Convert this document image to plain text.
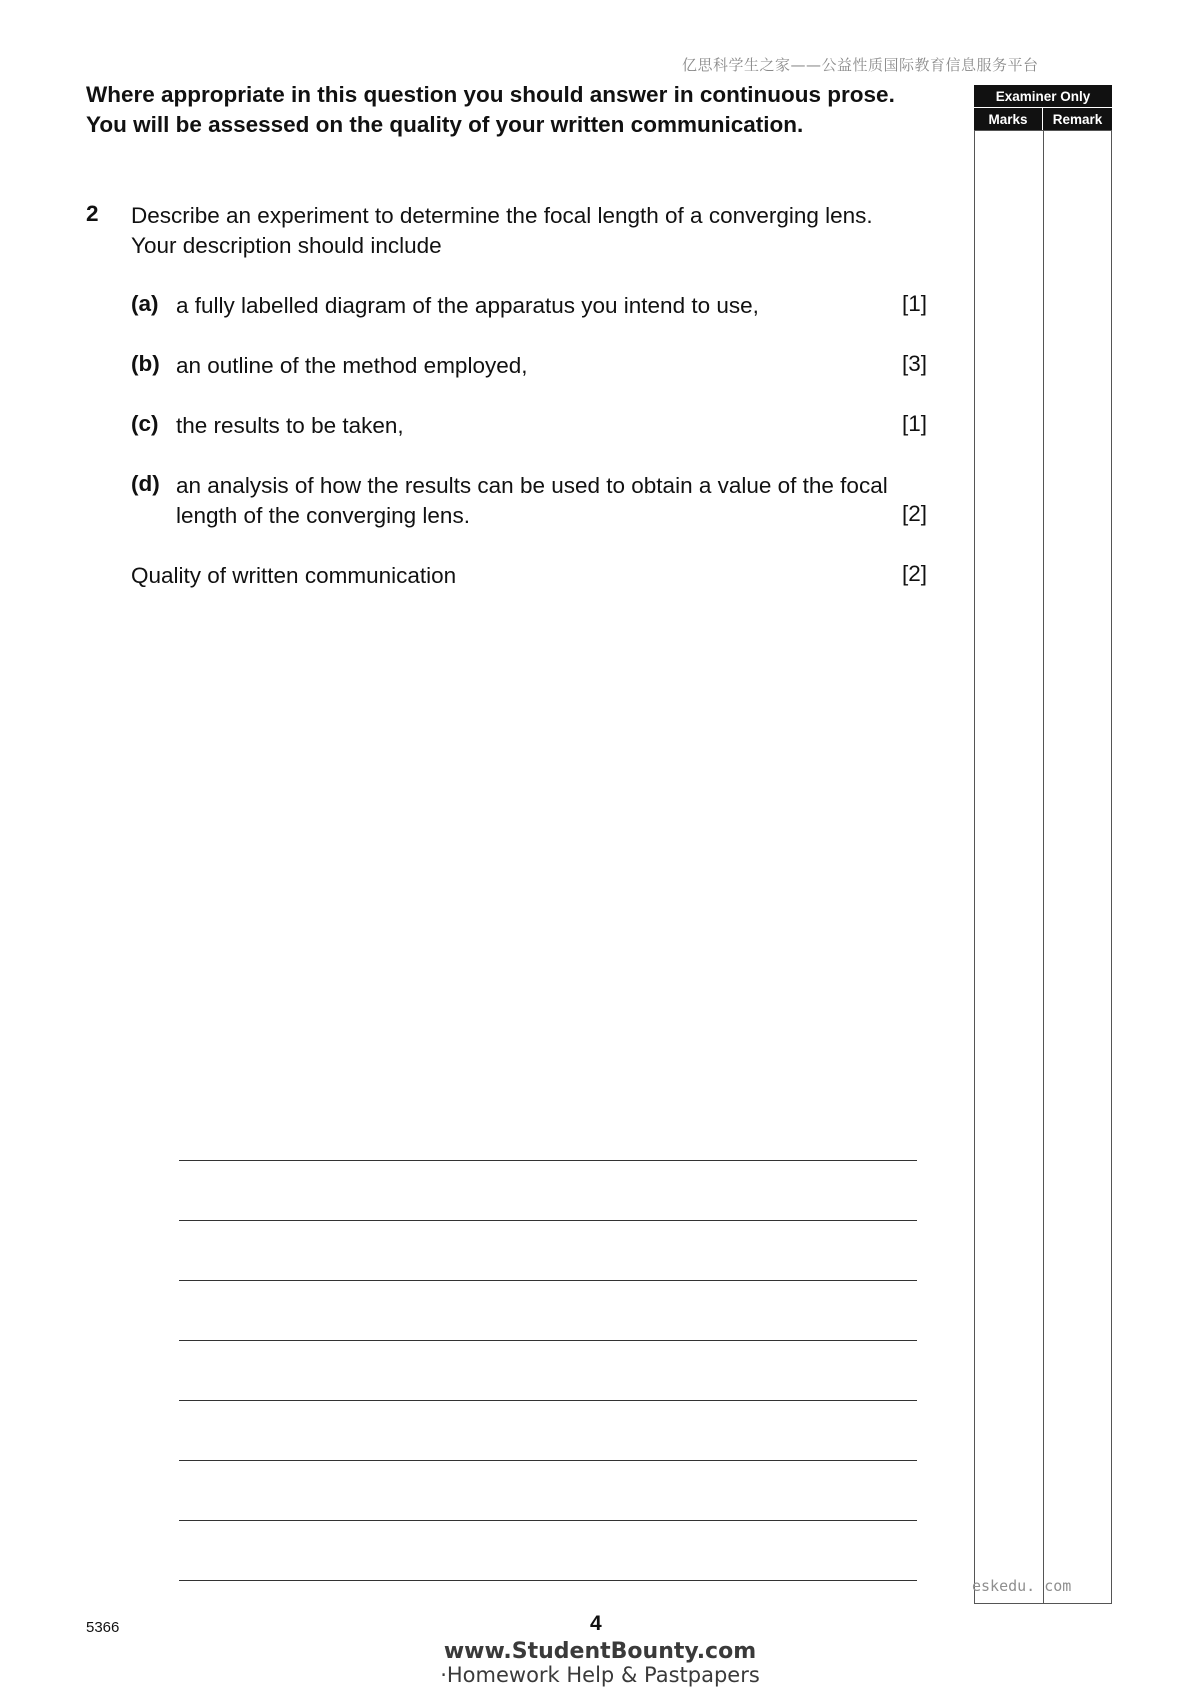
亿思科学生之家——公益性质国际教育信息服务平台
Where appropriate in this question you should answer in continuous prose. You will be assessed on the quality of your written communication.
2 Describe an experiment to determine the focal length of a converging lens. Your description should include
(a) a fully labelled diagram of the apparatus you intend to use,	[1]
(b) an outline of the method employed,	[3]
(c) the results to be taken,	[1]
(d) an analysis of how the results can be used to obtain a value of the focal length of the converging lens.	[2]
Quality of written communication	[2]
Examiner Only
Marks	Remark
eskedu. com
5366	4
www.StudentBounty.com
·Homework Help & Pastpapers
